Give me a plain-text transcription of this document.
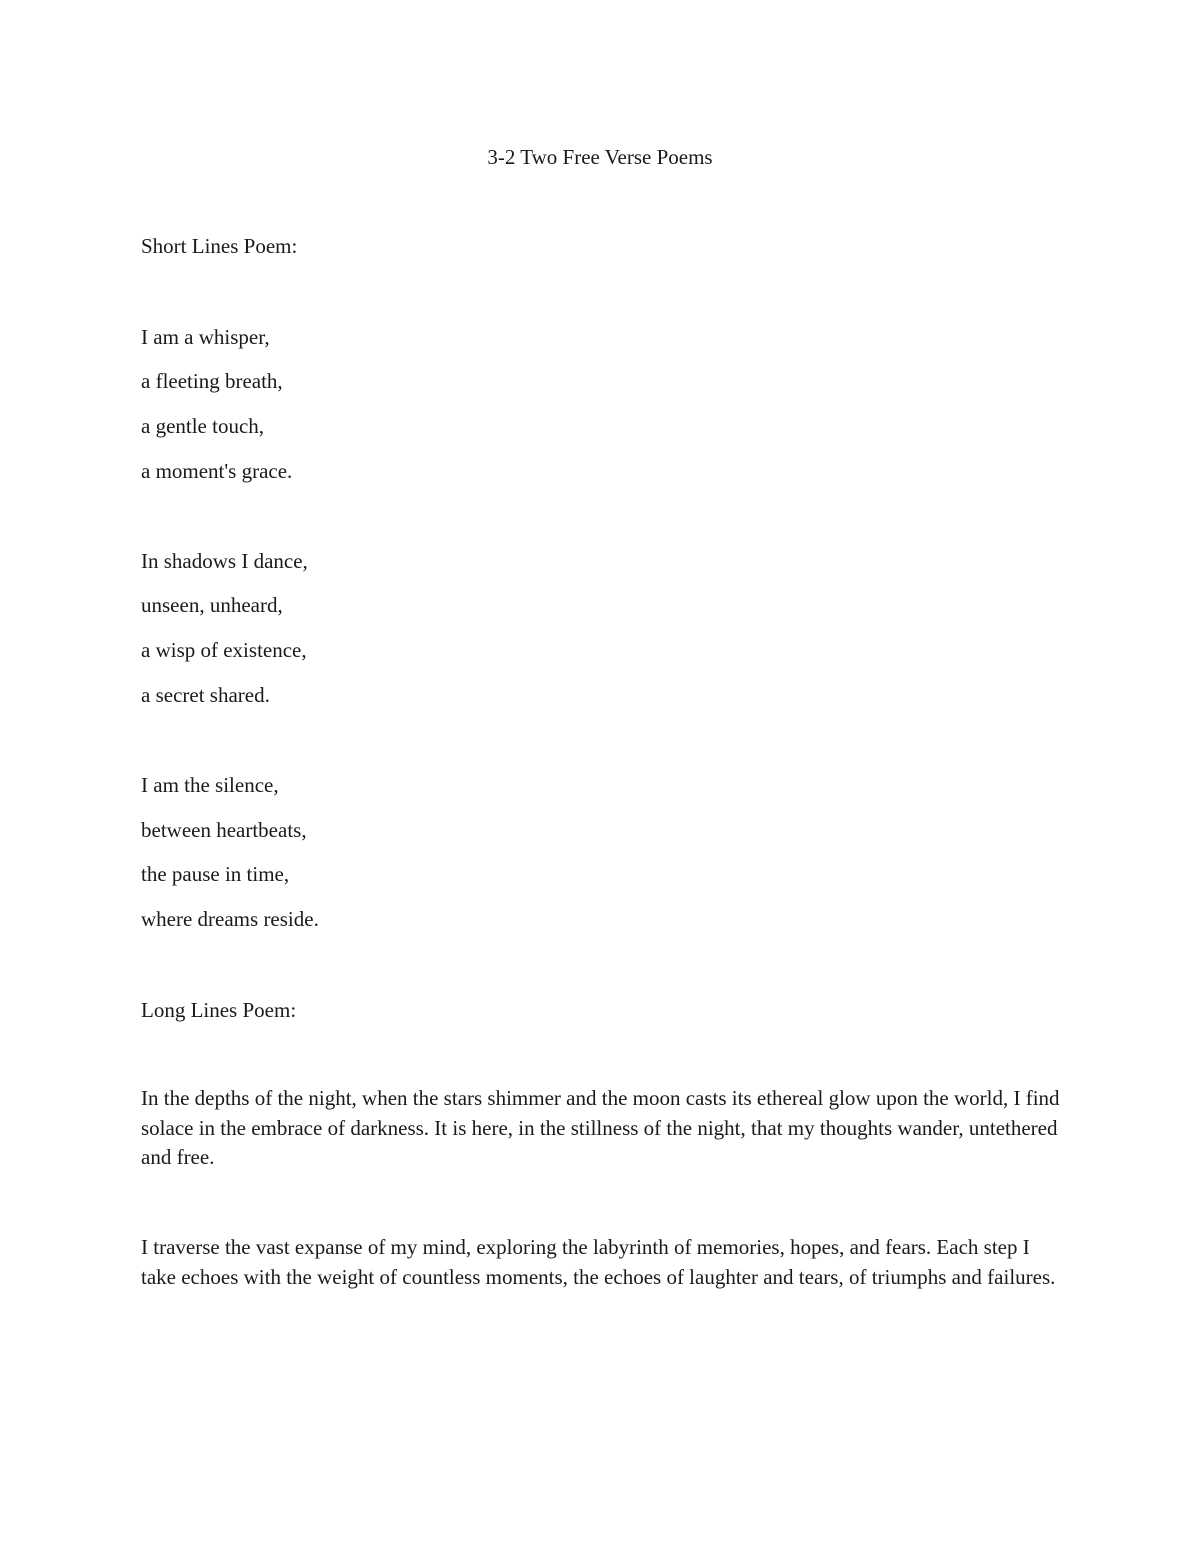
3-2 Two Free Verse Poems

Short Lines Poem:

I am a whisper,

a fleeting breath,

a gentle touch,

a moment's grace.

In shadows I dance,

unseen, unheard,

a wisp of existence,

a secret shared.

I am the silence,

between heartbeats,

the pause in time,

where dreams reside.

Long Lines Poem:

In the depths of the night, when the stars shimmer and the moon casts its ethereal glow upon the world, I find solace in the embrace of darkness. It is here, in the stillness of the night, that my thoughts wander, untethered and free.

I traverse the vast expanse of my mind, exploring the labyrinth of memories, hopes, and fears. Each step I take echoes with the weight of countless moments, the echoes of laughter and tears, of triumphs and failures.
